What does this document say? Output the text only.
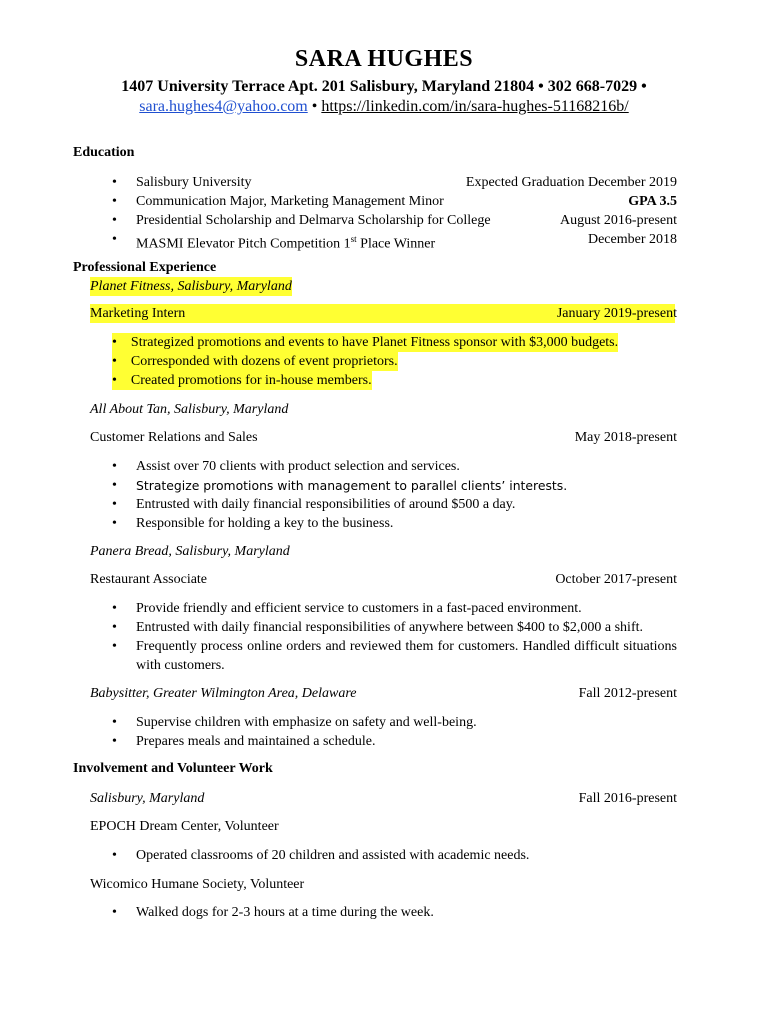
SARA HUGHES
1407 University Terrace Apt. 201 Salisbury, Maryland 21804 • 302 668-7029 •
sara.hughes4@yahoo.com • https://linkedin.com/in/sara-hughes-51168216b/
Education
• Salisbury University	Expected Graduation December 2019
• Communication Major, Marketing Management Minor	GPA 3.5
• Presidential Scholarship and Delmarva Scholarship for College	August 2016-present
• MASMI Elevator Pitch Competition 1st Place Winner	December 2018
Professional Experience
Planet Fitness, Salisbury, Maryland
Marketing Intern	January 2019-present
• Strategized promotions and events to have Planet Fitness sponsor with $3,000 budgets.
• Corresponded with dozens of event proprietors.
• Created promotions for in-house members.
All About Tan, Salisbury, Maryland
Customer Relations and Sales	May 2018-present
• Assist over 70 clients with product selection and services.
• Strategize promotions with management to parallel clients’ interests.
• Entrusted with daily financial responsibilities of around $500 a day.
• Responsible for holding a key to the business.
Panera Bread, Salisbury, Maryland
Restaurant Associate	October 2017-present
• Provide friendly and efficient service to customers in a fast-paced environment.
• Entrusted with daily financial responsibilities of anywhere between $400 to $2,000 a shift.
• Frequently process online orders and reviewed them for customers. Handled difficult situations with customers.
Babysitter, Greater Wilmington Area, Delaware	Fall 2012-present
• Supervise children with emphasize on safety and well-being.
• Prepares meals and maintained a schedule.
Involvement and Volunteer Work
Salisbury, Maryland	Fall 2016-present
EPOCH Dream Center, Volunteer
• Operated classrooms of 20 children and assisted with academic needs.
Wicomico Humane Society, Volunteer
• Walked dogs for 2-3 hours at a time during the week.
